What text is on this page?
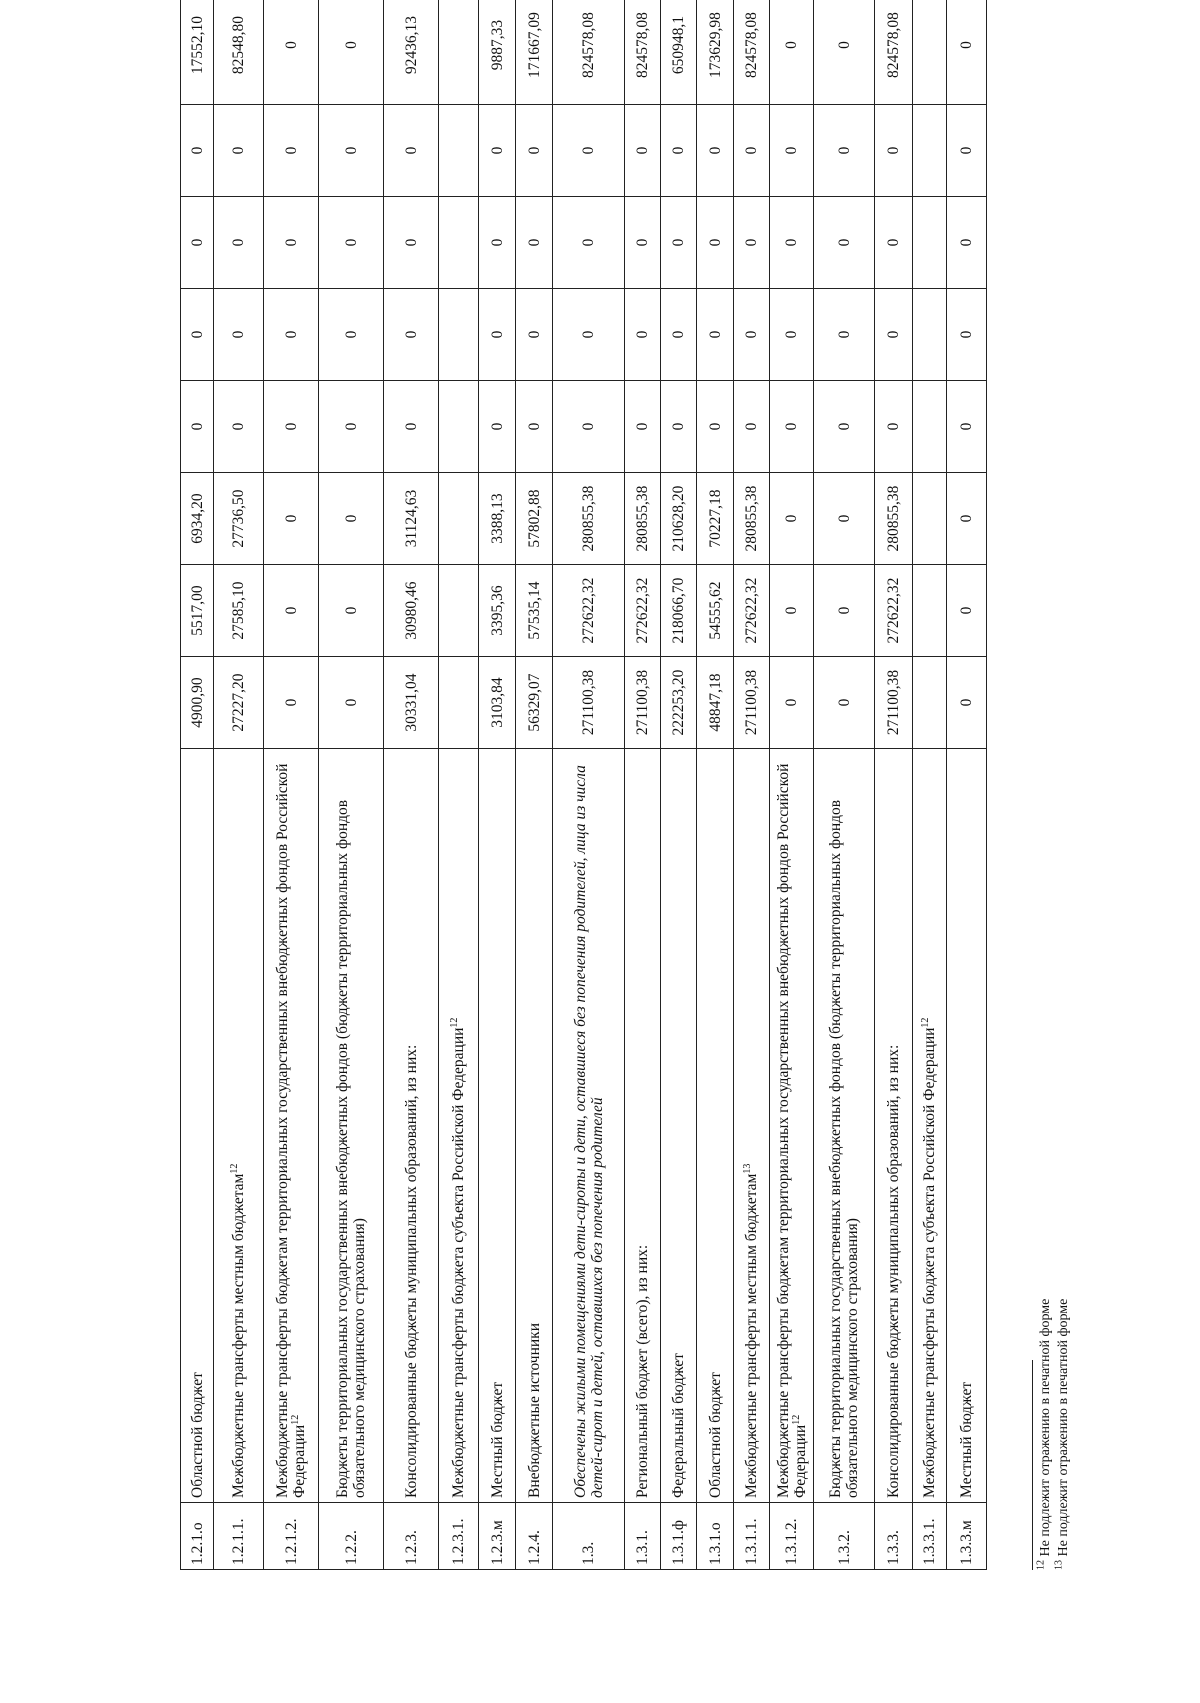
1.2.1.о	Областной бюджет	4900,90	5517,00	6934,20	0	0	0	0	17552,10
1.2.1.1.	Межбюджетные трансферты местным бюджетам$^{12}$	27227,20	27585,10	27736,50	0	0	0	0	82548,80
1.2.1.2.	Межбюджетные трансферты бюджетам территориальных государственных внебюджетных фондов Российской Федерации$^{12}$	0	0	0	0	0	0	0	0
1.2.2.	Бюджеты территориальных государственных внебюджетных фондов (бюджеты территориальных фондов обязательного медицинского страхования)	0	0	0	0	0	0	0	0
1.2.3.	Консолидированные бюджеты муниципальных образований, из них:	30331,04	30980,46	31124,63	0	0	0	0	92436,13
1.2.3.1.	Межбюджетные трансферты бюджета субъекта Российской Федерации$^{12}$								
1.2.3.м	Местный бюджет	3103,84	3395,36	3388,13	0	0	0	0	9887,33
1.2.4.	Внебюджетные источники	56329,07	57535,14	57802,88	0	0	0	0	171667,09
1.3.	Обеспечены жилыми помещениями дети-сироты и дети, оставшиеся без попечения родителей, лица из числа детей-сирот и детей, оставшихся без попечения родителей	271100,38	272622,32	280855,38	0	0	0	0	824578,08
1.3.1.	Региональный бюджет (всего), из них:	271100,38	272622,32	280855,38	0	0	0	0	824578,08
1.3.1.ф	Федеральный бюджет	222253,20	218066,70	210628,20	0	0	0	0	650948,1
1.3.1.о	Областной бюджет	48847,18	54555,62	70227,18	0	0	0	0	173629,98
1.3.1.1.	Межбюджетные трансферты местным бюджетам$^{13}$	271100,38	272622,32	280855,38	0	0	0	0	824578,08
1.3.1.2.	Межбюджетные трансферты бюджетам территориальных государственных внебюджетных фондов Российской Федерации$^{12}$	0	0	0	0	0	0	0	0
1.3.2.	Бюджеты территориальных государственных внебюджетных фондов (бюджеты территориальных фондов обязательного медицинского страхования)	0	0	0	0	0	0	0	0
1.3.3.	Консолидированные бюджеты муниципальных образований, из них:	271100,38	272622,32	280855,38	0	0	0	0	824578,08
1.3.3.1.	Межбюджетные трансферты бюджета субъекта Российской Федерации$^{12}$								
1.3.3.м	Местный бюджет	0	0	0	0	0	0	0	0
$^{12}$ Не подлежит отражению в печатной форме
$^{13}$ Не подлежит отражению в печатной форме
